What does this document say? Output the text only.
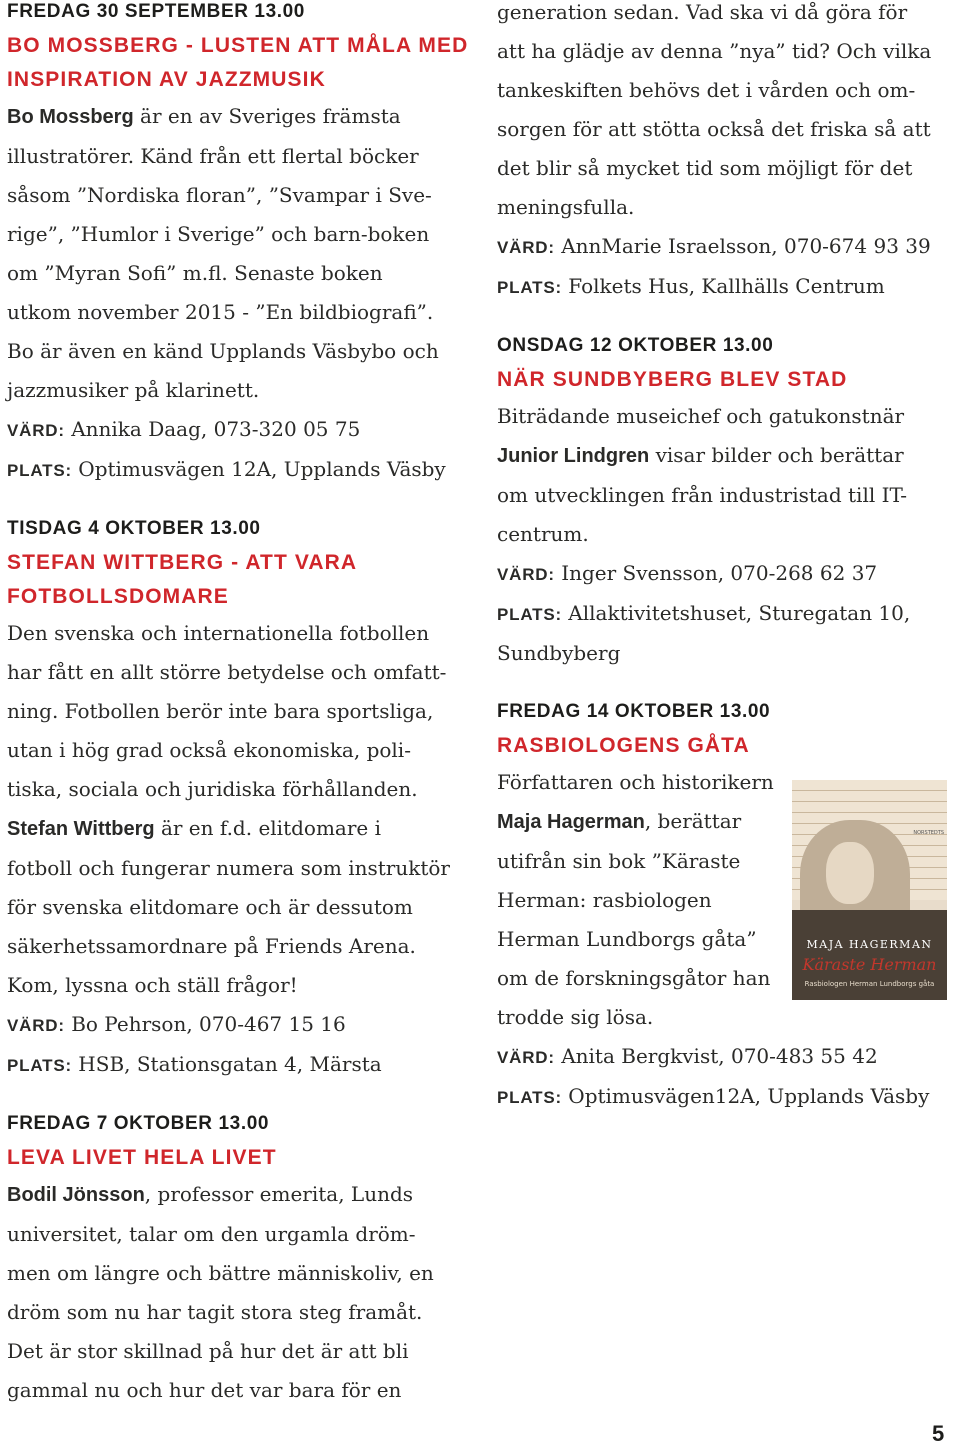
FREDAG 30 SEPTEMBER 13.00

BO MOSSBERG - LUSTEN ATT MÅLA MED

INSPIRATION AV JAZZMUSIK

Bo Mossberg är en av Sveriges främsta

illustratörer. Känd från ett flertal böcker

såsom ”Nordiska floran”, ”Svampar i Sve-

rige”, ”Humlor i Sverige” och barn-boken

om ”Myran Sofi” m.fl. Senaste boken

utkom november 2015 - ”En bildbiografi”.

Bo är även en känd Upplands Väsbybo och

jazzmusiker på klarinett.

VÄRD: Annika Daag, 073-320 05 75

PLATS: Optimusvägen 12A, Upplands Väsby

TISDAG 4 OKTOBER 13.00

STEFAN WITTBERG - ATT VARA

FOTBOLLSDOMARE

Den svenska och internationella fotbollen

har fått en allt större betydelse och omfatt-

ning. Fotbollen berör inte bara sportsliga,

utan i hög grad också ekonomiska, poli-

tiska, sociala och juridiska förhållanden.

Stefan Wittberg är en f.d. elitdomare i

fotboll och fungerar numera som instruktör

för svenska elitdomare och är dessutom

säkerhetssamordnare på Friends Arena.

Kom, lyssna och ställ frågor!

VÄRD: Bo Pehrson, 070-467 15 16

PLATS: HSB, Stationsgatan 4, Märsta

FREDAG 7 OKTOBER 13.00

LEVA LIVET HELA LIVET

Bodil Jönsson, professor emerita, Lunds

universitet, talar om den urgamla dröm-

men om längre och bättre människoliv, en

dröm som nu har tagit stora steg framåt.

Det är stor skillnad på hur det är att bli

gammal nu och hur det var bara för en

generation sedan. Vad ska vi då göra för

att ha glädje av denna ”nya” tid? Och vilka

tankeskiften behövs det i vården och om-

sorgen för att stötta också det friska så att

det blir så mycket tid som möjligt för det

meningsfulla.

VÄRD: AnnMarie Israelsson, 070-674 93 39

PLATS: Folkets Hus, Kallhälls Centrum

ONSDAG 12 OKTOBER 13.00

NÄR SUNDBYBERG BLEV STAD

Biträdande museichef och gatukonstnär

Junior Lindgren visar bilder och berättar

om utvecklingen från industristad till IT-

centrum.

VÄRD: Inger Svensson, 070-268 62 37

PLATS: Allaktivitetshuset, Sturegatan 10,

Sundbyberg

FREDAG 14 OKTOBER 13.00

RASBIOLOGENS GÅTA

Författaren och historikern

Maja Hagerman, berättar

utifrån sin bok ”Käraste

Herman: rasbiologen

Herman Lundborgs gåta”

om de forskningsgåtor han

trodde sig lösa.

VÄRD: Anita Bergkvist, 070-483 55 42

PLATS: Optimusvägen12A, Upplands Väsby

NORSTEDTS
MAJA HAGERMAN
Käraste Herman
Rasbiologen Herman Lundborgs gåta
5
